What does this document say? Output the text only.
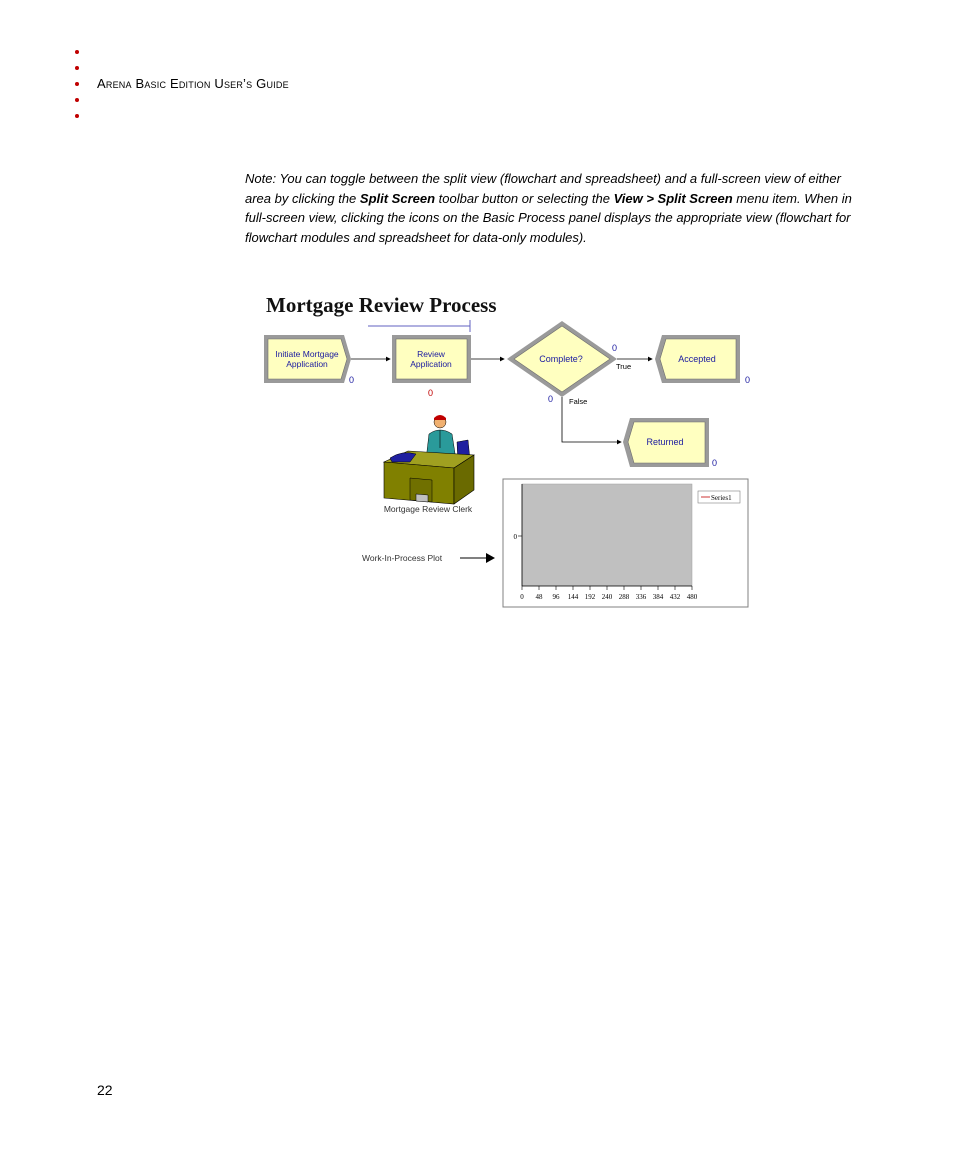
Arena Basic Edition User’s Guide

Note: You can toggle between the split view (flowchart and spreadsheet) and a full-screen view of either area by clicking the Split Screen toolbar button or selecting the View > Split Screen menu item. When in full-screen view, clicking the icons on the Basic Process panel displays the appropriate view (flowchart for flowchart modules and spreadsheet for data-only modules).

Mortgage Review Process
Initiate Mortgage
Application
0
Review
Application
0
Complete?
0
True
0 False
Accepted
0
Returned
0
Mortgage Review Clerk
Work-In-Process Plot
0
0 48 96 144 192 240 288 336 384 432 480
Series1
22
